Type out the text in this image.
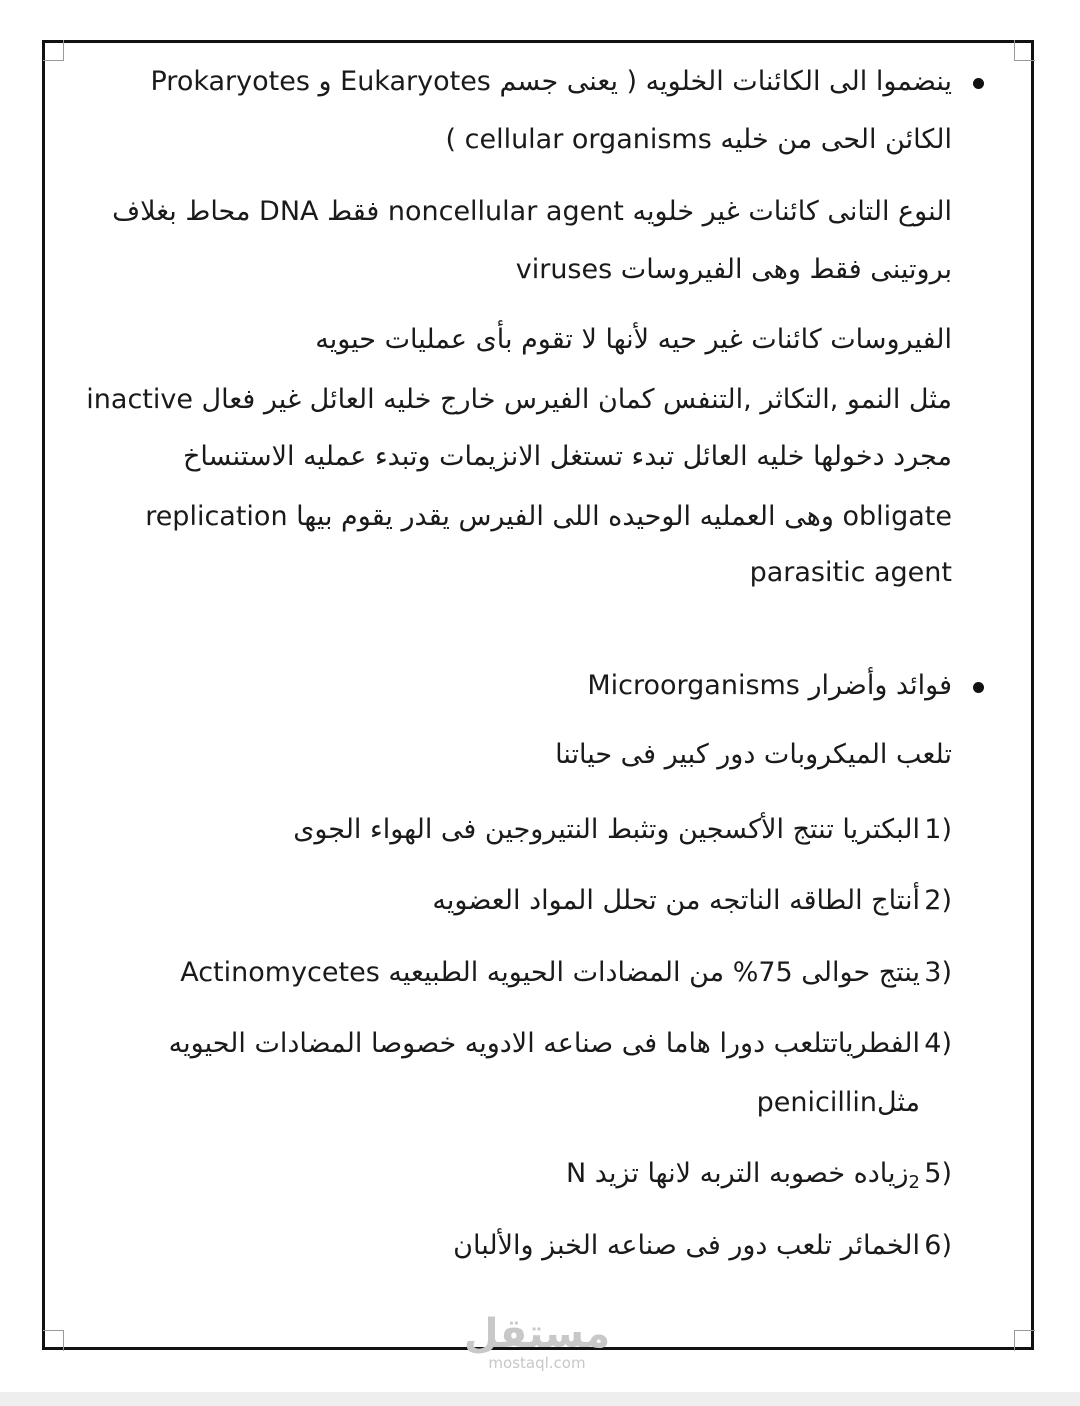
Prokaryotes و Eukaryotes ينضموا الى الكائنات الخلويه ( يعنى جسم
الكائن الحى من خليه cellular organisms )
النوع التانى كائنات غير خلويه noncellular agent فقط DNA محاط بغلاف
بروتينى فقط وهى الفيروسات viruses
الفيروسات كائنات غير حيه لأنها لا تقوم بأى عمليات حيويه
مثل النمو ,التكاثر ,التنفس كمان الفيرس خارج خليه العائل غير فعال inactive
مجرد دخولها خليه العائل تبدء تستغل الانزيمات وتبدء عمليه الاستنساخ
replication وهى العمليه الوحيده اللى الفيرس يقدر يقوم بيها obligate
parasitic agent
فوائد وأضرار Microorganisms
تلعب الميكروبات دور كبير فى حياتنا
1)
البكتريا تنتج الأكسجين وتثبط النتيروجين فى الهواء الجوى
2)
أنتاج الطاقه الناتجه من تحلل المواد العضويه
3)
Actinomycetes ينتج حوالى 75% من المضادات الحيويه الطبيعيه
4)
الفطرياتتلعب دورا هاما فى صناعه الادويه خصوصا المضادات الحيويه
مثلpenicillin
5)
$_2$زياده خصوبه التربه لانها تزيد N
6)
الخمائر تلعب دور فى صناعه الخبز والألبان
مستقل
mostaql.com
